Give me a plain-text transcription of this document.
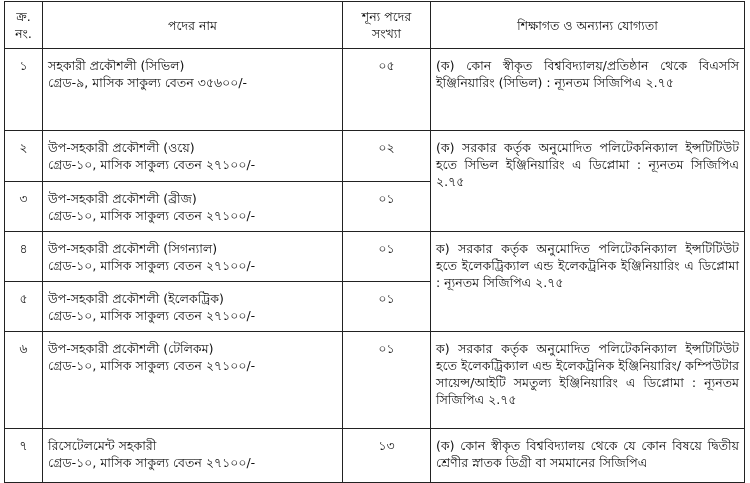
ক্র. নং.	পদের নাম	শূন্য পদের সংখ্যা	শিক্ষাগত ও অন্যান্য যোগ্যতা
১	সহকারী প্রকৌশলী (সিভিল)
গ্রেড-৯, মাসিক সাকুল্য বেতন ৩৫৬০০/-	০৫	(ক) কোন স্বীকৃত বিশ্ববিদ্যালয়/প্রতিষ্ঠান থেকে বিএসসি ইঞ্জিনিয়ারিং (সিভিল) : ন্যূনতম সিজিপিএ ২.৭৫
২	উপ-সহকারী প্রকৌশলী (ওয়ে)
গ্রেড-১০, মাসিক সাকুল্য বেতন ২৭১০০/-	০২	(ক) সরকার কর্তৃক অনুমোদিত পলিটেকনিক্যাল ইন্সটিটিউট হতে সিভিল ইঞ্জিনিয়ারিং এ ডিপ্লোমা : ন্যূনতম সিজিপিএ ২.৭৫
৩	উপ-সহকারী প্রকৌশলী (ব্রীজ)
গ্রেড-১০, মাসিক সাকুল্য বেতন ২৭১০০/-	০১	
৪	উপ-সহকারী প্রকৌশলী (সিগন্যাল)
গ্রেড-১০, মাসিক সাকুল্য বেতন ২৭১০০/-	০১	ক) সরকার কর্তৃক অনুমোদিত পলিটেকনিক্যাল ইন্সটিটিউট হতে ইলেকট্রিক্যাল এন্ড ইলেকট্রনিক ইঞ্জিনিয়ারিং এ ডিপ্লোমা : ন্যূনতম সিজিপিএ ২.৭৫
৫	উপ-সহকারী প্রকৌশলী (ইলেকট্রিক)
গ্রেড-১০, মাসিক সাকুল্য বেতন ২৭১০০/-	০১	
৬	উপ-সহকারী প্রকৌশলী (টেলিকম)
গ্রেড-১০, মাসিক সাকুল্য বেতন ২৭১০০/-	০১	ক) সরকার কর্তৃক অনুমোদিত পলিটেকনিক্যাল ইন্সটিটিউট হতে ইলেকট্রিক্যাল এন্ড ইলেকট্রনিক ইঞ্জিনিয়ারিং/ কম্পিউটার সায়েন্স/আইটি সমতুল্য ইঞ্জিনিয়ারিং এ ডিপ্লোমা : ন্যূনতম সিজিপিএ ২.৭৫
৭	রিসেটেলমেন্ট সহকারী
গ্রেড-১০, মাসিক সাকুল্য বেতন ২৭১০০/-	১৩	(ক) কোন স্বীকৃত বিশ্ববিদ্যালয় থেকে যে কোন বিষয়ে দ্বিতীয় শ্রেণীর স্নাতক ডিগ্রী বা সমমানের সিজিপিএ
